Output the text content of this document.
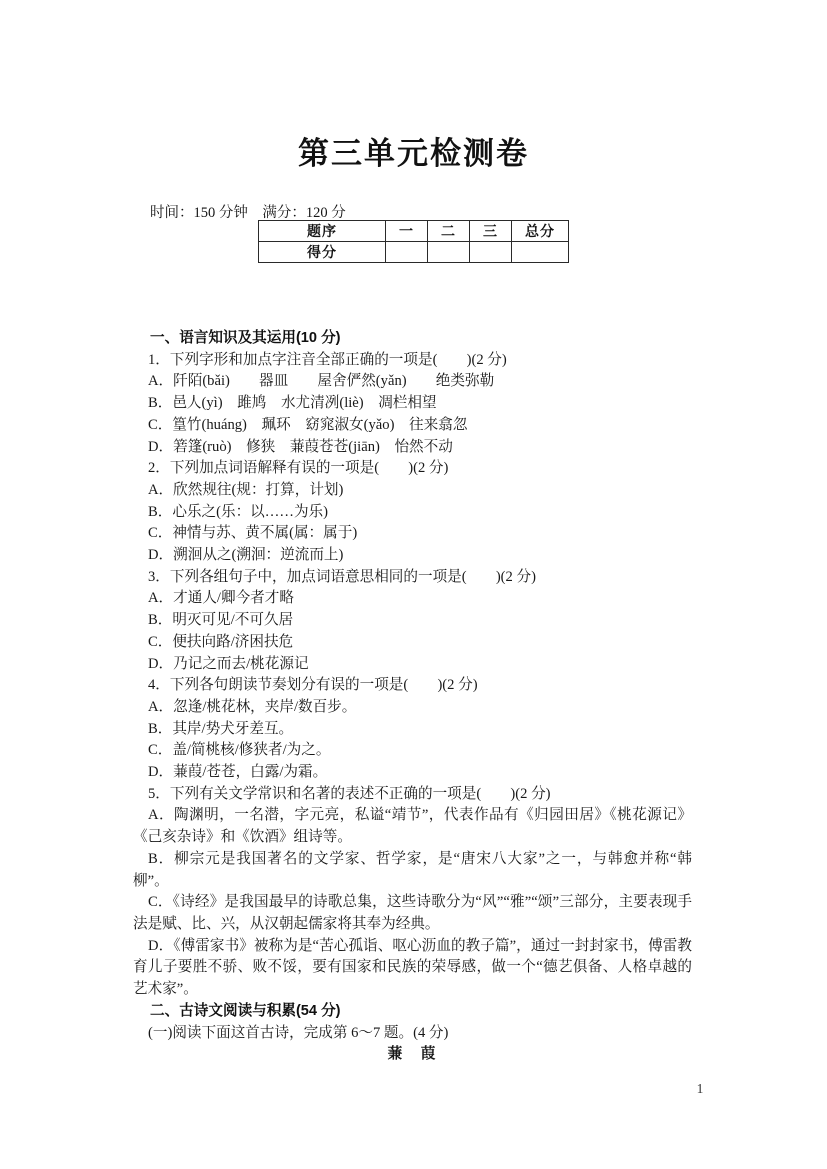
第三单元检测卷
时间：150 分钟　满分：120 分
题序	一	二	三	总分
得分				

一、语言知识及其运用(10 分)

1．下列字形和加点字注音全部正确的一项是(　　)(2 分)

A．阡陌(bǎi)　　器皿　　屋舍俨然(yǎn)　　绝类弥勒

B．邑人(yì)　雎鸠　水尤清冽(liè)　凋栏相望

C．篁竹(huáng)　珮环　窈窕淑女(yǎo)　往来翕忽

D．箬篷(ruò)　修狭　蒹葭苍苍(jiān)　怡然不动

2．下列加点词语解释有误的一项是(　　)(2 分)

A．欣然规往(规：打算，计划)

B．心乐之(乐：以……为乐)

C．神情与苏、黄不属(属：属于)

D．溯洄从之(溯洄：逆流而上)

3．下列各组句子中，加点词语意思相同的一项是(　　)(2 分)

A．才通人/卿今者才略

B．明灭可见/不可久居

C．便扶向路/济困扶危

D．乃记之而去/桃花源记

4．下列各句朗读节奏划分有误的一项是(　　)(2 分)

A．忽逢/桃花林，夹岸/数百步。

B．其岸/势犬牙差互。

C．盖/简桃核/修狭者/为之。

D．蒹葭/苍苍，白露/为霜。

5．下列有关文学常识和名著的表述不正确的一项是(　　)(2 分)

A．陶渊明，一名潜，字元亮，私谥“靖节”，代表作品有《归园田居》《桃花源记》《己亥杂诗》和《饮酒》组诗等。

B．柳宗元是我国著名的文学家、哲学家，是“唐宋八大家”之一，与韩愈并称“韩柳”。

C．《诗经》是我国最早的诗歌总集，这些诗歌分为“风”“雅”“颂”三部分，主要表现手法是赋、比、兴，从汉朝起儒家将其奉为经典。

D．《傅雷家书》被称为是“苦心孤诣、呕心沥血的教子篇”，通过一封封家书，傅雷教育儿子要胜不骄、败不馁，要有国家和民族的荣辱感，做一个“德艺俱备、人格卓越的艺术家”。

二、古诗文阅读与积累(54 分)

(一)阅读下面这首古诗，完成第 6～7 题。(4 分)

蒹　葭

1
